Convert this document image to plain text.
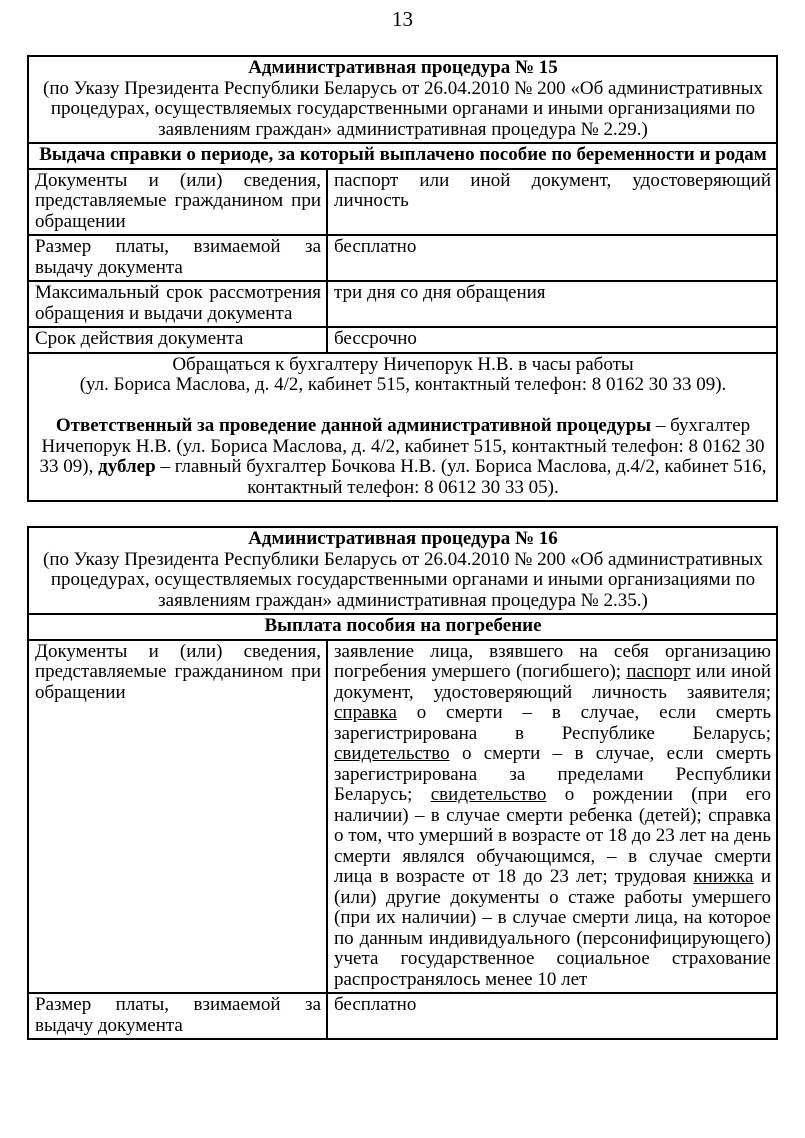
13
Административная процедура № 15
(по Указу Президента Республики Беларусь от 26.04.2010 № 200 «Об административных процедурах, осуществляемых государственными органами и иными организациями по заявлениям граждан» административная процедура № 2.29.)	

Выдача справки о периоде, за который выплачено пособие по беременности и родам	
Документы и (или) сведения, представляемые гражданином при обращении	паспорт или иной документ, удостоверяющий личность
Размер платы, взимаемой за выдачу документа	бесплатно
Максимальный срок рассмотрения обращения и выдачи документа	три дня со дня обращения
Срок действия документа	бессрочно

Обращаться к бухгалтеру Ничепорук Н.В. в часы работы
(ул. Бориса Маслова, д. 4/2, кабинет 515, контактный телефон: 8 0162 30 33 09).
Ответственный за проведение данной административной процедуры – бухгалтер Ничепорук Н.В. (ул. Бориса Маслова, д. 4/2, кабинет 515, контактный телефон: 8 0162 30 33 09), дублер – главный бухгалтер Бочкова Н.В. (ул. Бориса Маслова, д.4/2, кабинет 516, контактный телефон: 8 0612 30 33 05).	
Административная процедура № 16
(по Указу Президента Республики Беларусь от 26.04.2010 № 200 «Об административных процедурах, осуществляемых государственными органами и иными организациями по заявлениям граждан» административная процедура № 2.35.)	

Выплата пособия на погребение	
Документы и (или) сведения, представляемые гражданином при обращении	заявление лица, взявшего на себя организацию погребения умершего (погибшего); паспорт или иной документ, удостоверяющий личность заявителя; справка о смерти – в случае, если смерть зарегистрирована в Республике Беларусь; свидетельство о смерти – в случае, если смерть зарегистрирована за пределами Республики Беларусь; свидетельство о рождении (при его наличии) – в случае смерти ребенка (детей); справка о том, что умерший в возрасте от 18 до 23 лет на день смерти являлся обучающимся, – в случае смерти лица в возрасте от 18 до 23 лет; трудовая книжка и (или) другие документы о стаже работы умершего (при их наличии) – в случае смерти лица, на которое по данным индивидуального (персонифицирующего) учета государственное социальное страхование распространялось менее 10 лет
Размер платы, взимаемой за выдачу документа	бесплатно
